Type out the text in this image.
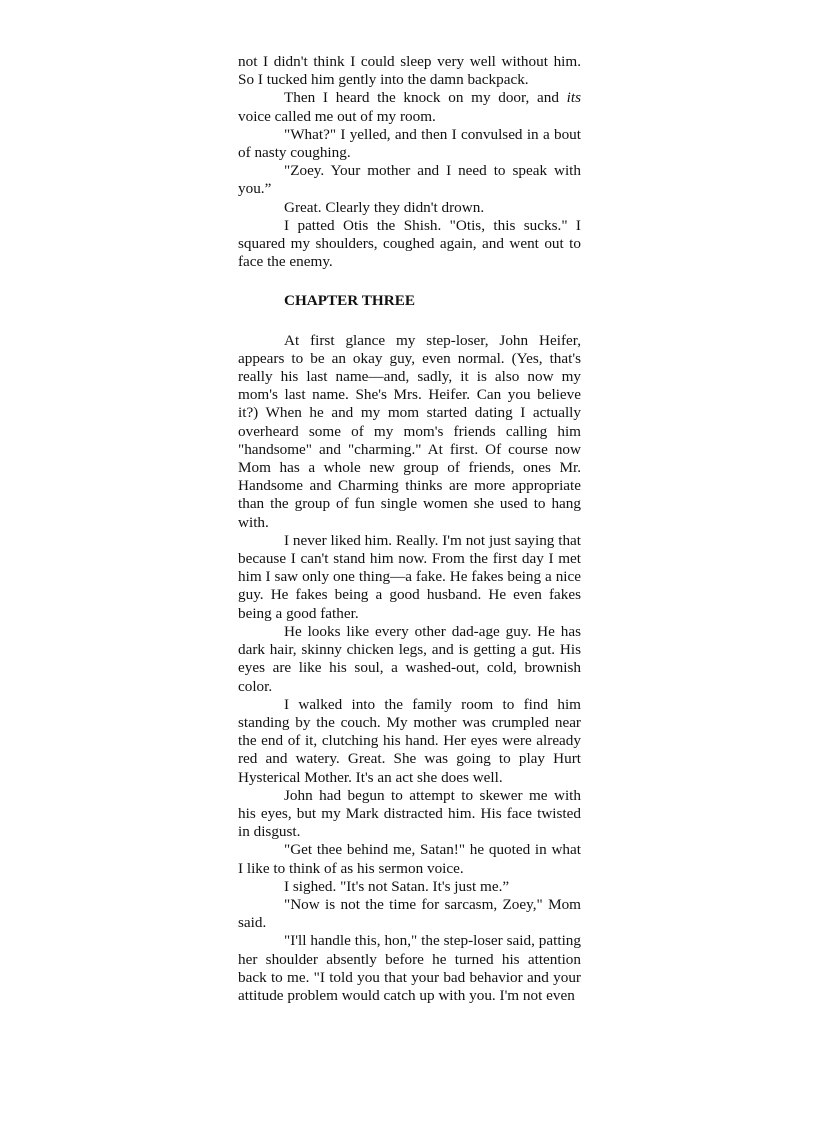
not I didn't think I could sleep very well without him. So I tucked him gently into the damn backpack.

Then I heard the knock on my door, and its voice called me out of my room.

"What?" I yelled, and then I convulsed in a bout of nasty coughing.

"Zoey. Your mother and I need to speak with you.”

Great. Clearly they didn't drown.

I patted Otis the Shish. "Otis, this sucks." I squared my shoulders, coughed again, and went out to face the enemy.

CHAPTER THREE

At first glance my step-loser, John Heifer, appears to be an okay guy, even normal. (Yes, that's really his last name—and, sadly, it is also now my mom's last name. She's Mrs. Heifer. Can you believe it?) When he and my mom started dating I actually overheard some of my mom's friends calling him "handsome" and "charming." At first. Of course now Mom has a whole new group of friends, ones Mr. Handsome and Charming thinks are more appropriate than the group of fun single women she used to hang with.

I never liked him. Really. I'm not just saying that because I can't stand him now. From the first day I met him I saw only one thing—a fake. He fakes being a nice guy. He fakes being a good husband. He even fakes being a good father.

He looks like every other dad-age guy. He has dark hair, skinny chicken legs, and is getting a gut. His eyes are like his soul, a washed-out, cold, brownish color.

I walked into the family room to find him standing by the couch. My mother was crumpled near the end of it, clutching his hand. Her eyes were already red and watery. Great. She was going to play Hurt Hysterical Mother. It's an act she does well.

John had begun to attempt to skewer me with his eyes, but my Mark distracted him. His face twisted in disgust.

"Get thee behind me, Satan!" he quoted in what I like to think of as his sermon voice.

I sighed. "It's not Satan. It's just me.”

"Now is not the time for sarcasm, Zoey," Mom said.

"I'll handle this, hon," the step-loser said, patting her shoulder absently before he turned his attention back to me. "I told you that your bad behavior and your attitude problem would catch up with you. I'm not even
